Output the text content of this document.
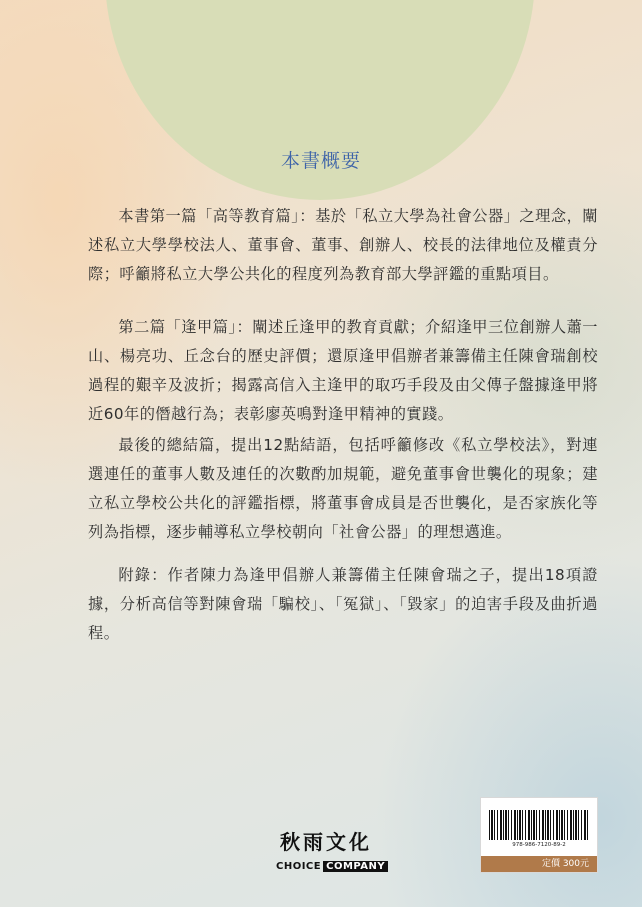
本書概要

本書第一篇「高等教育篇」：基於「私立大學為社會公器」之理念，闡述私立大學學校法人、董事會、董事、創辦人、校長的法律地位及權責分際；呼籲將私立大學公共化的程度列為教育部大學評鑑的重點項目。

第二篇「逢甲篇」：闡述丘逢甲的教育貢獻；介紹逢甲三位創辦人蕭一山、楊亮功、丘念台的歷史評價；還原逢甲倡辦者兼籌備主任陳會瑞創校過程的艱辛及波折；揭露高信入主逢甲的取巧手段及由父傳子盤據逢甲將近60年的僭越行為；表彰廖英鳴對逢甲精神的實踐。

最後的總結篇，提出12點結語，包括呼籲修改《私立學校法》，對連選連任的董事人數及連任的次數酌加規範，避免董事會世襲化的現象；建立私立學校公共化的評鑑指標，將董事會成員是否世襲化，是否家族化等列為指標，逐步輔導私立學校朝向「社會公器」的理想邁進。

附錄：作者陳力為逢甲倡辦人兼籌備主任陳會瑞之子，提出18項證據，分析高信等對陳會瑞「騙校」、「冤獄」、「毀家」的迫害手段及曲折過程。

秋雨文化
CHOICE COMPANY
978-986-7120-89-2
定價 300元
